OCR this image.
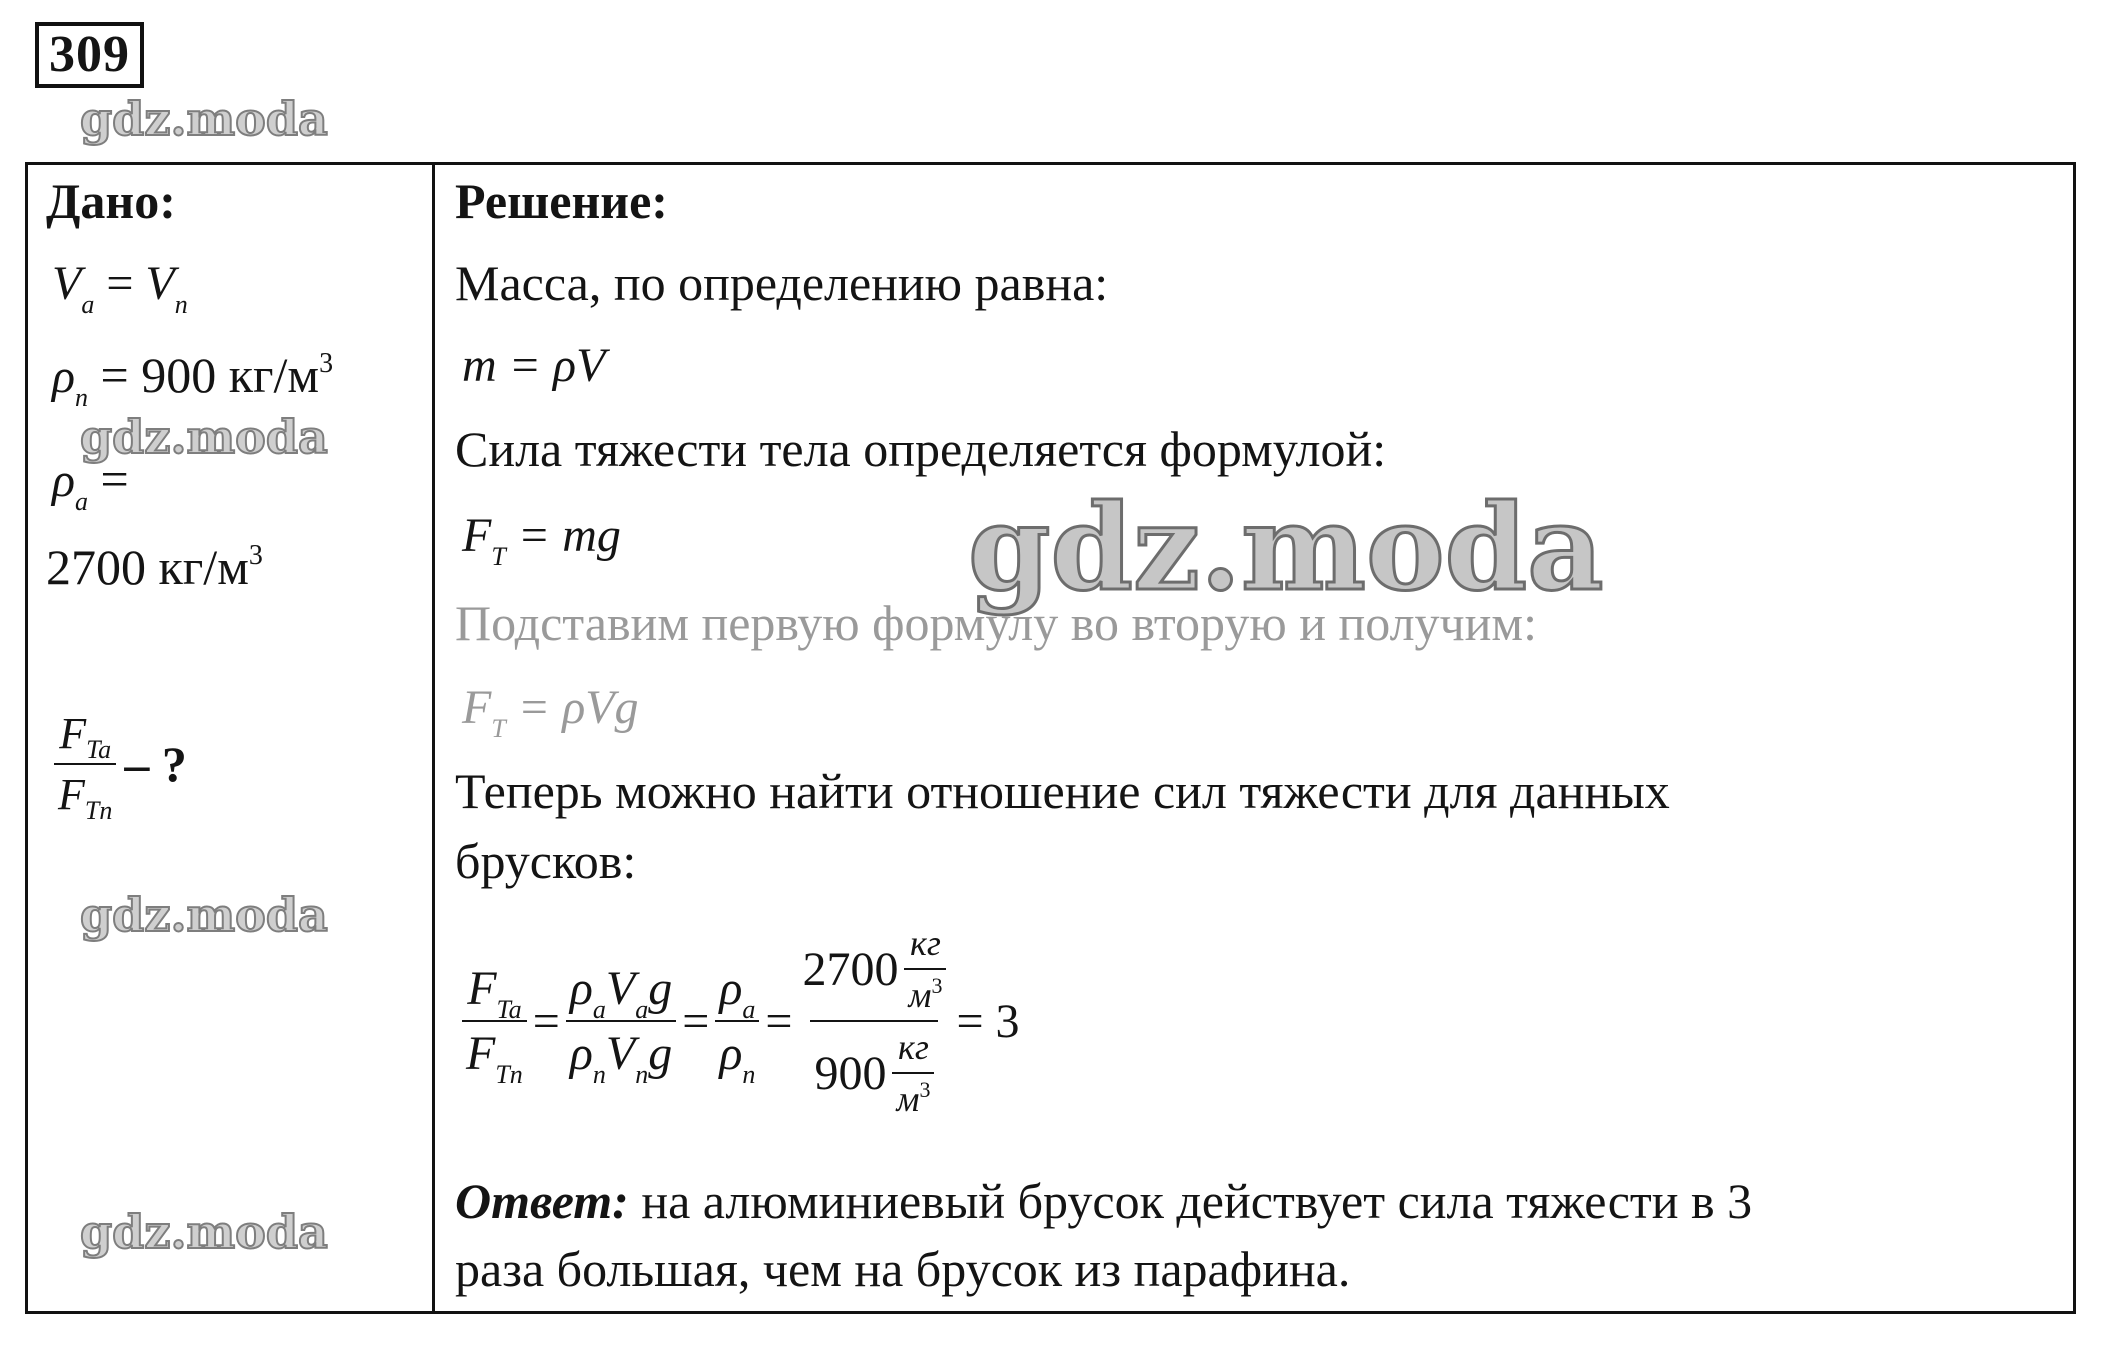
309
gdz.moda
gdz.moda
gdz.moda
gdz.moda
Дано:
$V_a = V_n$
$\rho_n = 900$ $кг/м^3$
$\rho_a$ =
2700 $кг/м^3$
$\frac{F_{Ta}}{F_{Tn}}$ – ?
Решение:
Масса, по определению равна:
m = ρV
Сила тяжести тела определяется формулой:
$F_T$ = mg	gdz.moda
Подставим первую формулу во вторую и получим:
$F_T = \rho Vg$
Теперь можно найти отношение сил тяжести для данных
брусков:
$\frac{F_{Ta}}{F_{Tn}} = \frac{\rho_aV_ag}{\rho_nV_ng} = \frac{\rho_a}{\rho_n} = \frac{2700 \frac{кг}{м^3}}{900 \frac{кг}{м^3}} = 3$
Ответ: на алюминиевый брусок действует сила тяжести в 3
раза большая, чем на брусок из парафина.
